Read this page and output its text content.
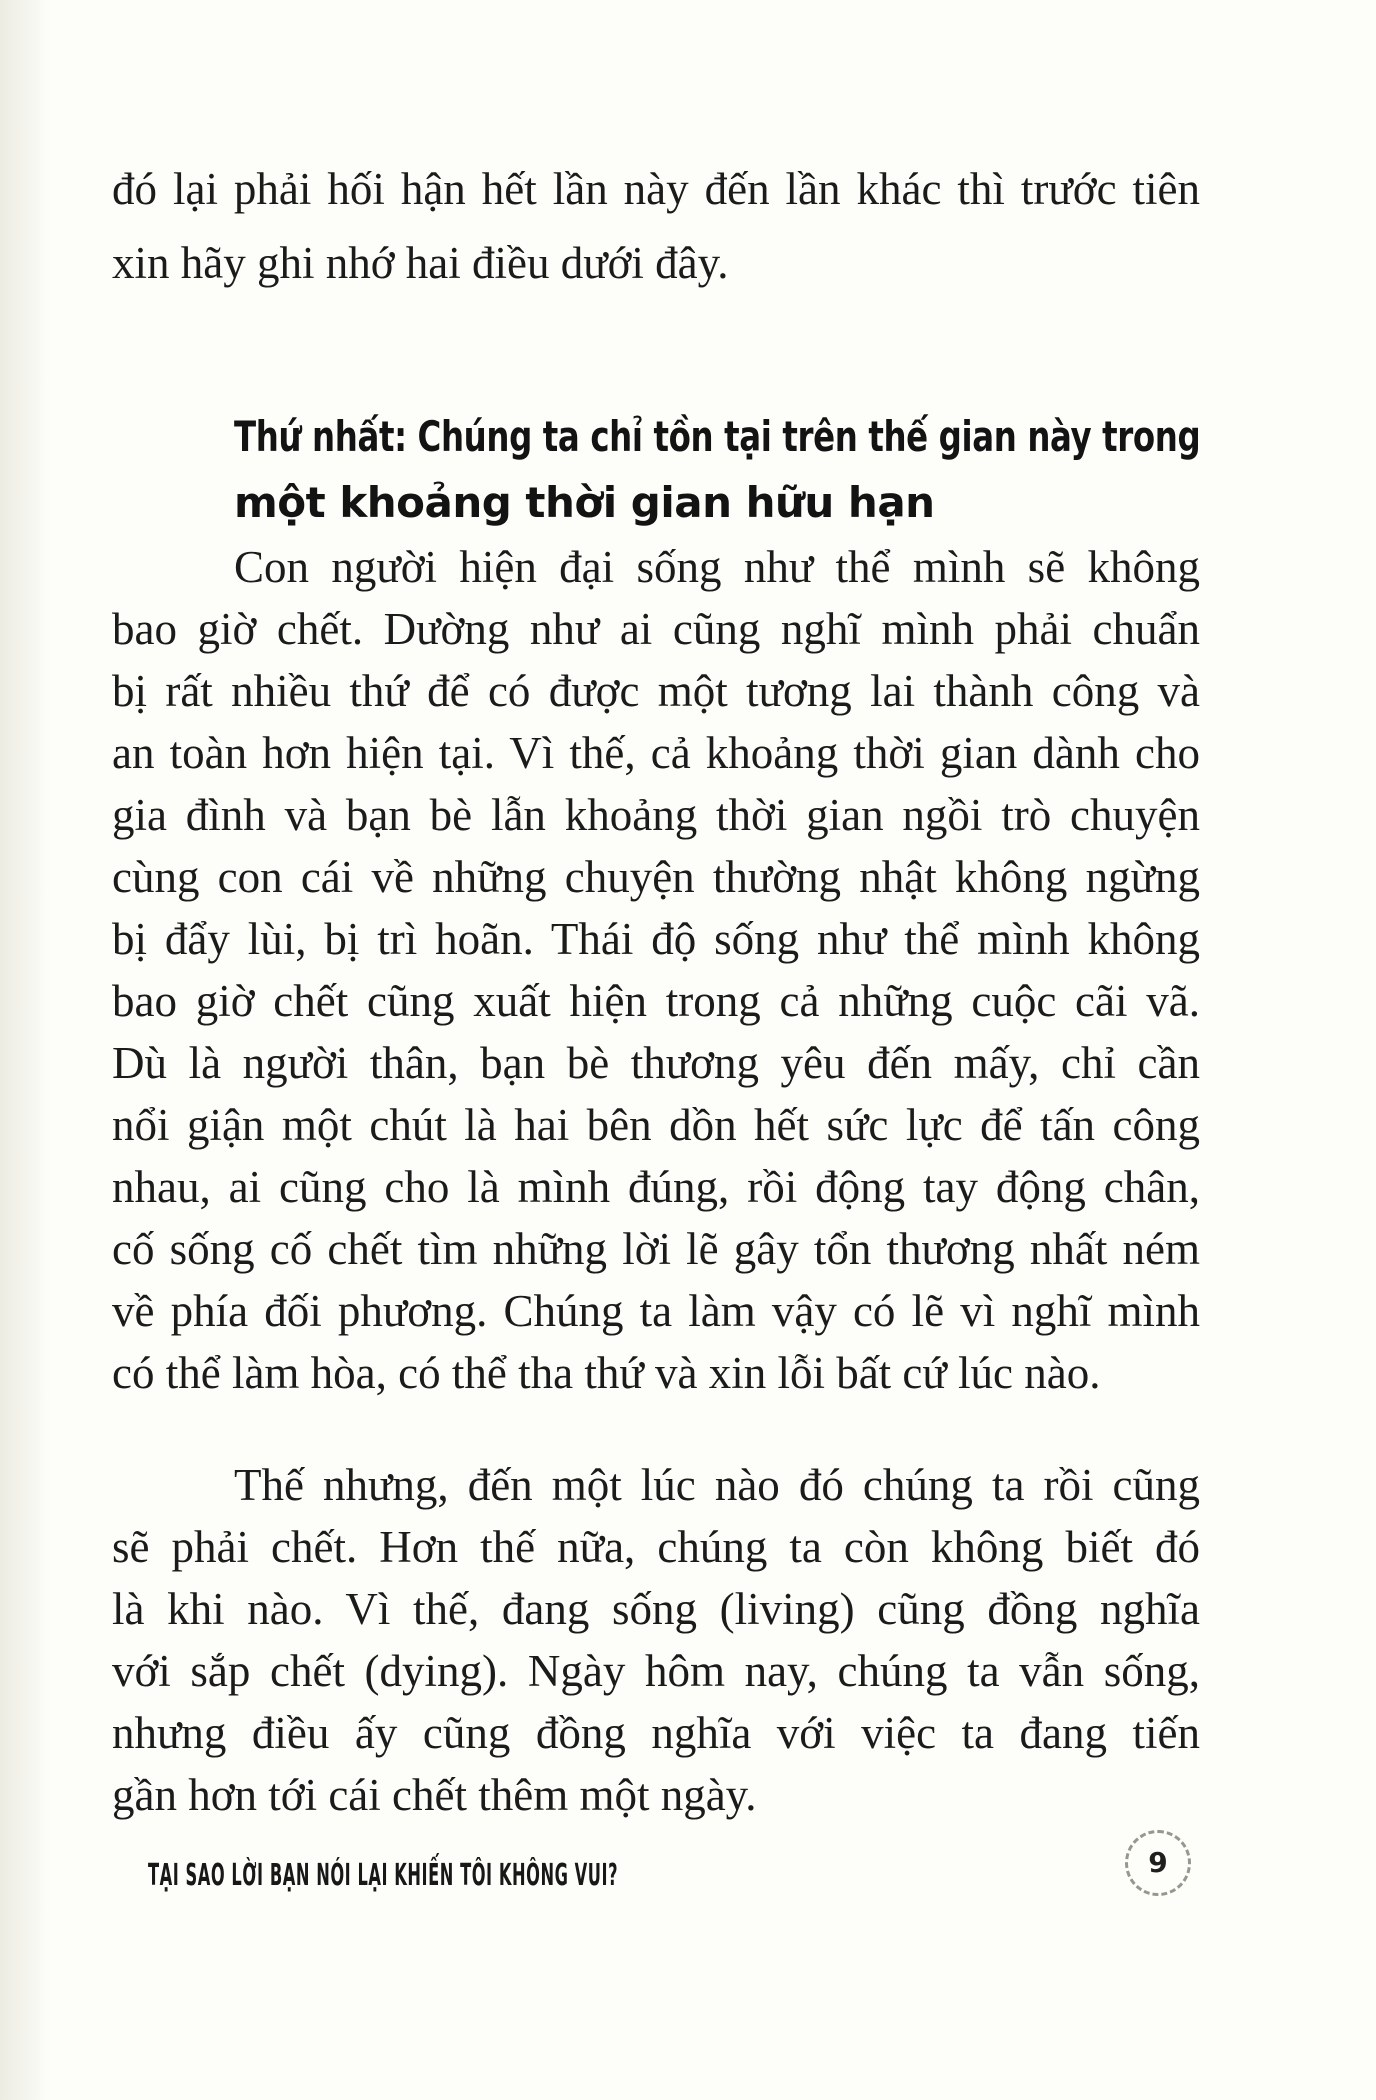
đó lại phải hối hận hết lần này đến lần khác thì trước tiên
xin hãy ghi nhớ hai điều dưới đây.
Thứ nhất: Chúng ta chỉ tồn tại trên thế gian này trong
một khoảng thời gian hữu hạn
Con người hiện đại sống như thể mình sẽ không
bao giờ chết. Dường như ai cũng nghĩ mình phải chuẩn
bị rất nhiều thứ để có được một tương lai thành công và
an toàn hơn hiện tại. Vì thế, cả khoảng thời gian dành cho
gia đình và bạn bè lẫn khoảng thời gian ngồi trò chuyện
cùng con cái về những chuyện thường nhật không ngừng
bị đẩy lùi, bị trì hoãn. Thái độ sống như thể mình không
bao giờ chết cũng xuất hiện trong cả những cuộc cãi vã.
Dù là người thân, bạn bè thương yêu đến mấy, chỉ cần
nổi giận một chút là hai bên dồn hết sức lực để tấn công
nhau, ai cũng cho là mình đúng, rồi động tay động chân,
cố sống cố chết tìm những lời lẽ gây tổn thương nhất ném
về phía đối phương. Chúng ta làm vậy có lẽ vì nghĩ mình
có thể làm hòa, có thể tha thứ và xin lỗi bất cứ lúc nào.
Thế nhưng, đến một lúc nào đó chúng ta rồi cũng
sẽ phải chết. Hơn thế nữa, chúng ta còn không biết đó
là khi nào. Vì thế, đang sống (living) cũng đồng nghĩa
với sắp chết (dying). Ngày hôm nay, chúng ta vẫn sống,
nhưng điều ấy cũng đồng nghĩa với việc ta đang tiến
gần hơn tới cái chết thêm một ngày.
TẠI SAO LỜI BẠN NÓI LẠI KHIẾN TÔI KHÔNG VUI?	9
